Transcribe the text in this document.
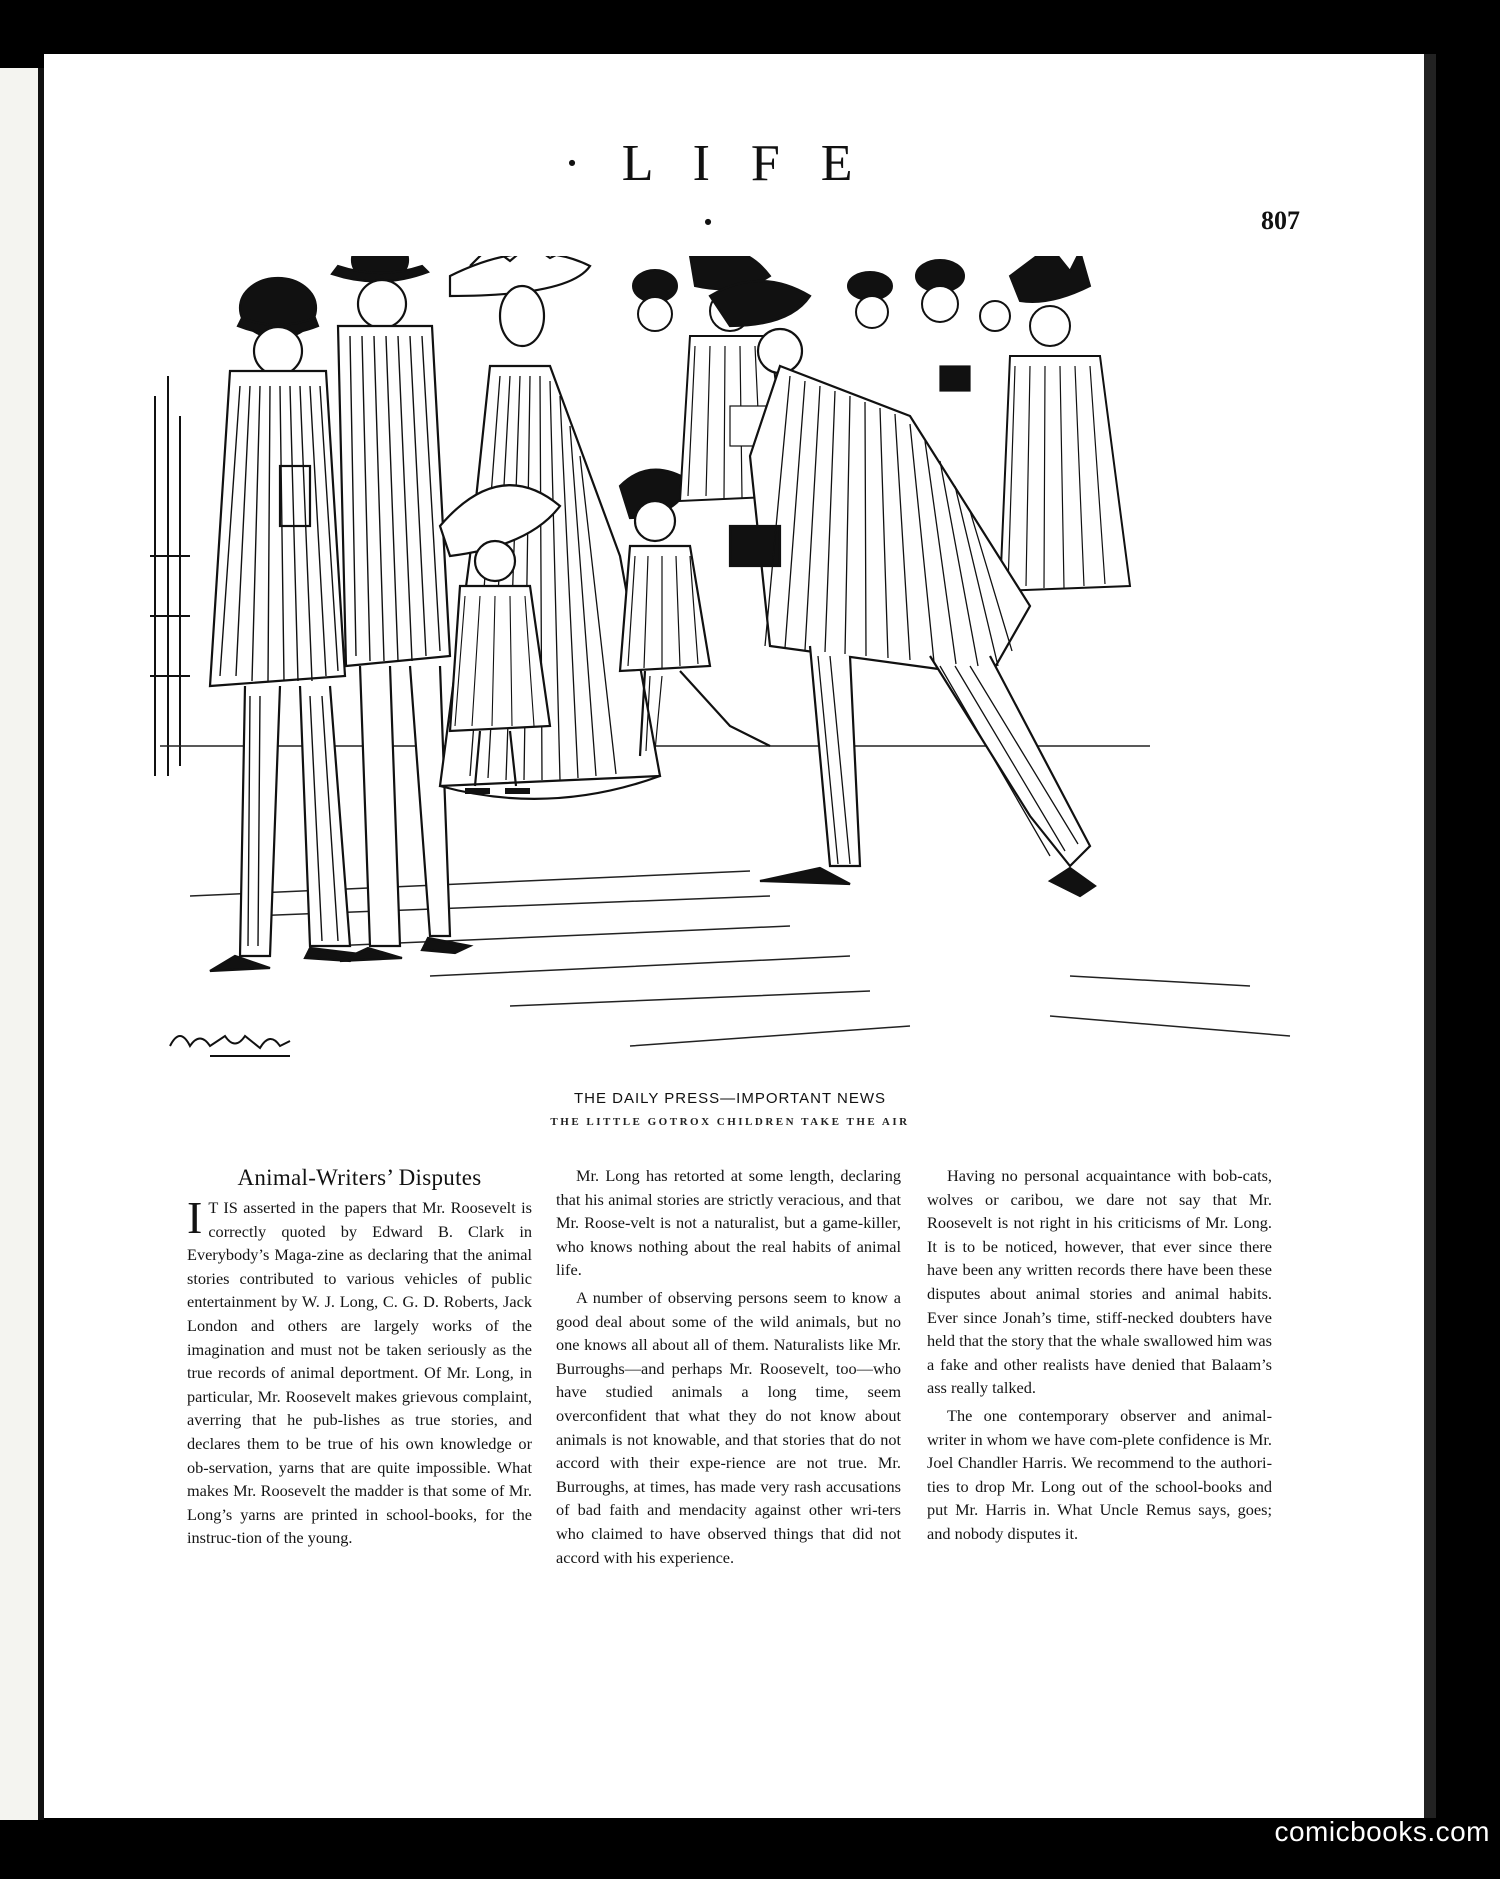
· L I F E ·	807
THE DAILY PRESS—IMPORTANT NEWS
THE LITTLE GOTROX CHILDREN TAKE THE AIR
Animal-Writers’ Disputes

I T IS asserted in the papers that Mr. Roosevelt is correctly quoted by Edward B. Clark in Everybody’s Maga-zine as declaring that the animal stories contributed to various vehicles of public entertainment by W. J. Long, C. G. D. Roberts, Jack London and others are largely works of the imagination and must not be taken seriously as the true records of animal deportment. Of Mr. Long, in particular, Mr. Roosevelt makes grievous complaint, averring that he pub-lishes as true stories, and declares them to be true of his own knowledge or ob-servation, yarns that are quite impossible. What makes Mr. Roosevelt the madder is that some of Mr. Long’s yarns are printed in school-books, for the instruc-tion of the young.

Mr. Long has retorted at some length, declaring that his animal stories are strictly veracious, and that Mr. Roose-velt is not a naturalist, but a game-killer, who knows nothing about the real habits of animal life.

A number of observing persons seem to know a good deal about some of the wild animals, but no one knows all about all of them. Naturalists like Mr. Burroughs—and perhaps Mr. Roosevelt, too—who have studied animals a long time, seem overconfident that what they do not know about animals is not knowable, and that stories that do not accord with their expe-rience are not true. Mr. Burroughs, at times, has made very rash accusations of bad faith and mendacity against other wri-ters who claimed to have observed things that did not accord with his experience.

Having no personal acquaintance with bob-cats, wolves or caribou, we dare not say that Mr. Roosevelt is not right in his criticisms of Mr. Long. It is to be noticed, however, that ever since there have been any written records there have been these disputes about animal stories and animal habits. Ever since Jonah’s time, stiff-necked doubters have held that the story that the whale swallowed him was a fake and other realists have denied that Balaam’s ass really talked.

The one contemporary observer and animal-writer in whom we have com-plete confidence is Mr. Joel Chandler Harris. We recommend to the authori-ties to drop Mr. Long out of the school-books and put Mr. Harris in. What Uncle Remus says, goes; and nobody disputes it.

comicbooks.com
